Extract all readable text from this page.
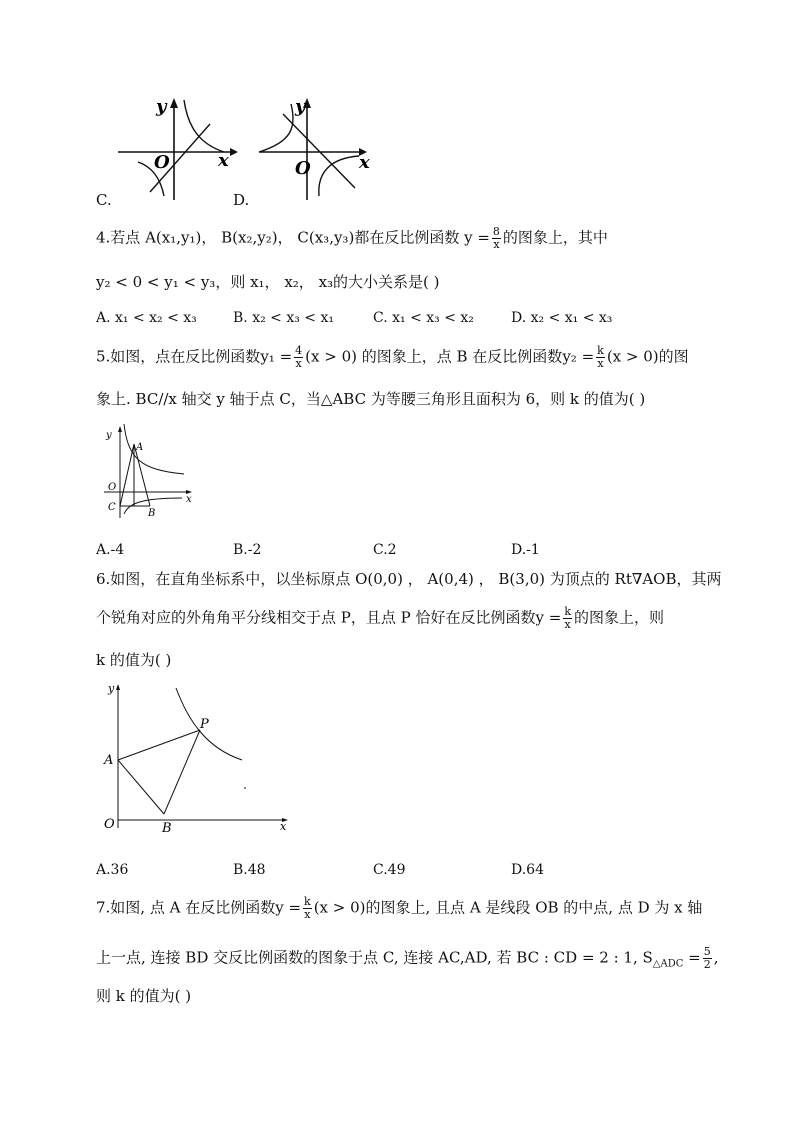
y
x
O
C.
y
x
O
D.
4.若点 A(x₁,y₁)， B(x₂,y₂)， C(x₃,y₃)都在反比例函数 $y = \frac{8}{x}$ 的图象上，其中
y₂ < 0 < y₁ < y₃，则 x₁， x₂， x₃的大小关系是( )
A. x₁ < x₂ < x₃	B. x₂ < x₃ < x₁	C. x₁ < x₃ < x₂	D. x₂ < x₁ < x₃
5.如图，点在反比例函数$y_1 = \frac{4}{x} (x > 0)$ 的图象上，点 B 在反比例函数$y_2 = \frac{k}{x} (x > 0)$的图
象上. BC//x 轴交 y 轴于点 C，当△ABC 为等腰三角形且面积为 6，则 k 的值为( )
y
x
A
O
C
B
A.-4	B.-2	C.2	D.-1
6.如图，在直角坐标系中，以坐标原点 O(0,0) ， A(0,4) ， B(3,0) 为顶点的 Rt∇AOB，其两
个锐角对应的外角角平分线相交于点 P，且点 P 恰好在反比例函数$y = \frac{k}{x}$ 的图象上，则
k 的值为( )
y
x
P
A
O	B
A.36	B.48	C.49	D.64
7.如图, 点 A 在反比例函数$y = \frac{k}{x} (x > 0)$的图象上, 且点 A 是线段 OB 的中点, 点 D 为 x 轴
上一点, 连接 BD 交反比例函数的图象于点 C, 连接 AC,AD, 若 BC : CD = 2 : 1, $S_{\triangle ADC} = \frac{5}{2}$ ,
则 k 的值为( )
